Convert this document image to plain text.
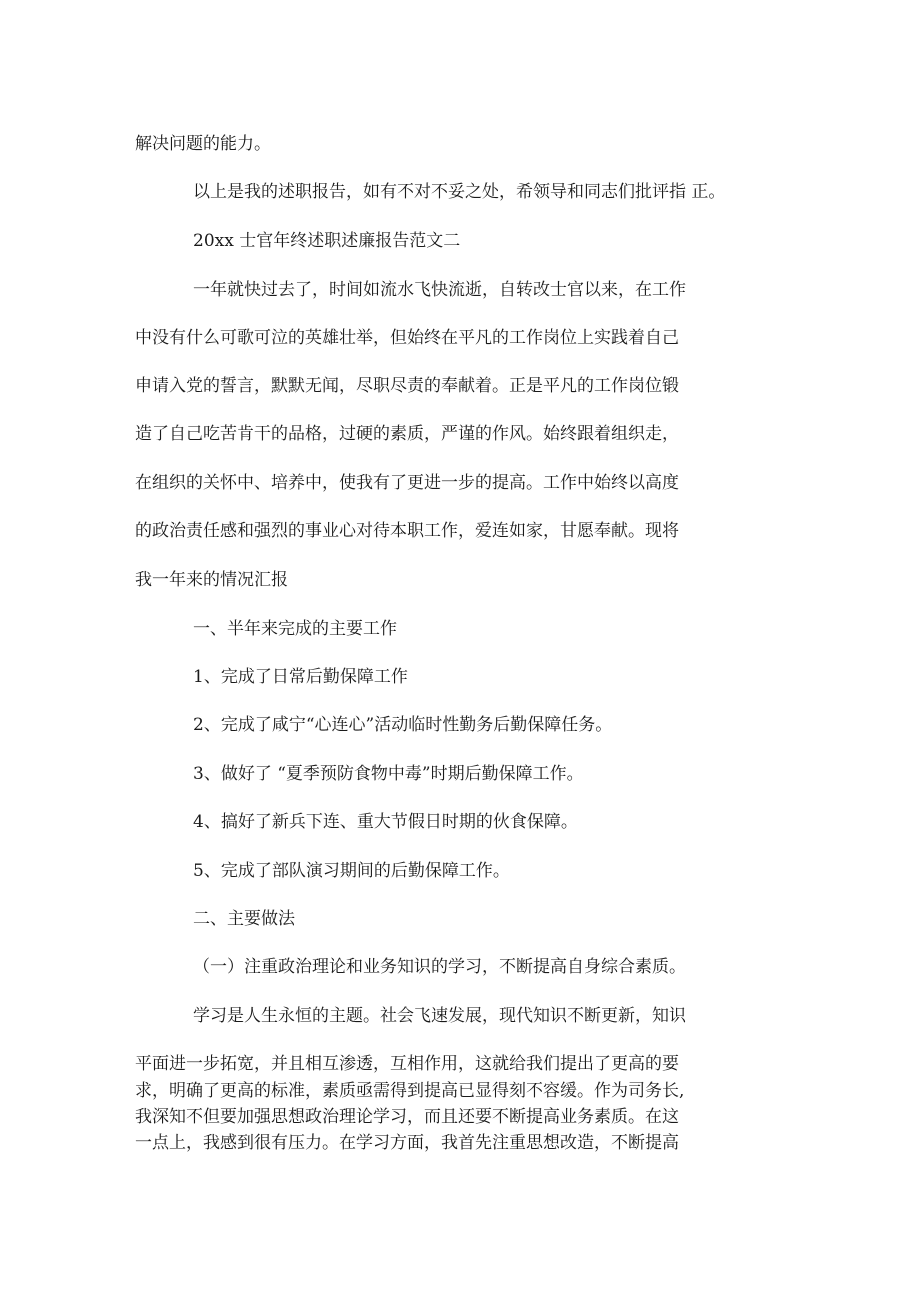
解决问题的能力。

以上是我的述职报告，如有不对不妥之处，希领导和同志们批评指 正。

20xx 士官年终述职述廉报告范文二

一年就快过去了，时间如流水飞快流逝，自转改士官以来，在工作

中没有什么可歌可泣的英雄壮举，但始终在平凡的工作岗位上实践着自己

申请入党的誓言，默默无闻，尽职尽责的奉献着。正是平凡的工作岗位锻

造了自己吃苦肯干的品格，过硬的素质，严谨的作风。始终跟着组织走，

在组织的关怀中、培养中，使我有了更进一步的提高。工作中始终以高度

的政治责任感和强烈的事业心对待本职工作，爱连如家，甘愿奉献。现将

我一年来的情况汇报

一、半年来完成的主要工作

1、完成了日常后勤保障工作

2、完成了咸宁“心连心”活动临时性勤务后勤保障任务。

3、做好了 “夏季预防食物中毒”时期后勤保障工作。

4、搞好了新兵下连、重大节假日时期的伙食保障。

5、完成了部队演习期间的后勤保障工作。

二、主要做法

（一）注重政治理论和业务知识的学习，不断提高自身综合素质。

学习是人生永恒的主题。社会飞速发展，现代知识不断更新，知识

平面进一步拓宽，并且相互渗透，互相作用，这就给我们提出了更高的要

求，明确了更高的标准，素质亟需得到提高已显得刻不容缓。作为司务长,

我深知不但要加强思想政治理论学习，而且还要不断提高业务素质。在这

一点上，我感到很有压力。在学习方面，我首先注重思想改造，不断提高
